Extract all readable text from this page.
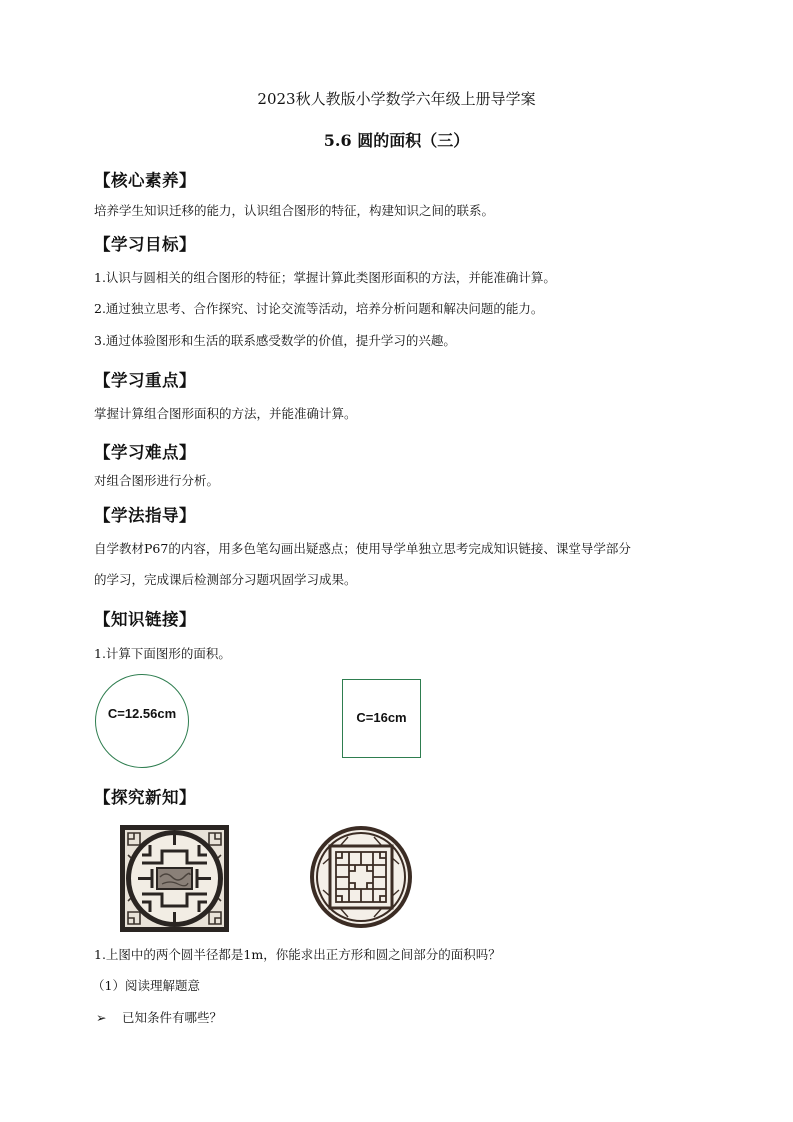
2023秋人教版小学数学六年级上册导学案
5.6 圆的面积（三）
【核心素养】
培养学生知识迁移的能力，认识组合图形的特征，构建知识之间的联系。
【学习目标】
1.认识与圆相关的组合图形的特征；掌握计算此类图形面积的方法，并能准确计算。
2.通过独立思考、合作探究、讨论交流等活动，培养分析问题和解决问题的能力。
3.通过体验图形和生活的联系感受数学的价值，提升学习的兴趣。
【学习重点】
掌握计算组合图形面积的方法，并能准确计算。
【学习难点】
对组合图形进行分析。
【学法指导】
自学教材P67的内容，用多色笔勾画出疑惑点；使用导学单独立思考完成知识链接、课堂导学部分
的学习，完成课后检测部分习题巩固学习成果。
【知识链接】
1.计算下面图形的面积。
C=12.56cm	C=16cm
【探究新知】
1.上图中的两个圆半径都是1m，你能求出正方形和圆之间部分的面积吗？
（1）阅读理解题意
➢ 已知条件有哪些？
